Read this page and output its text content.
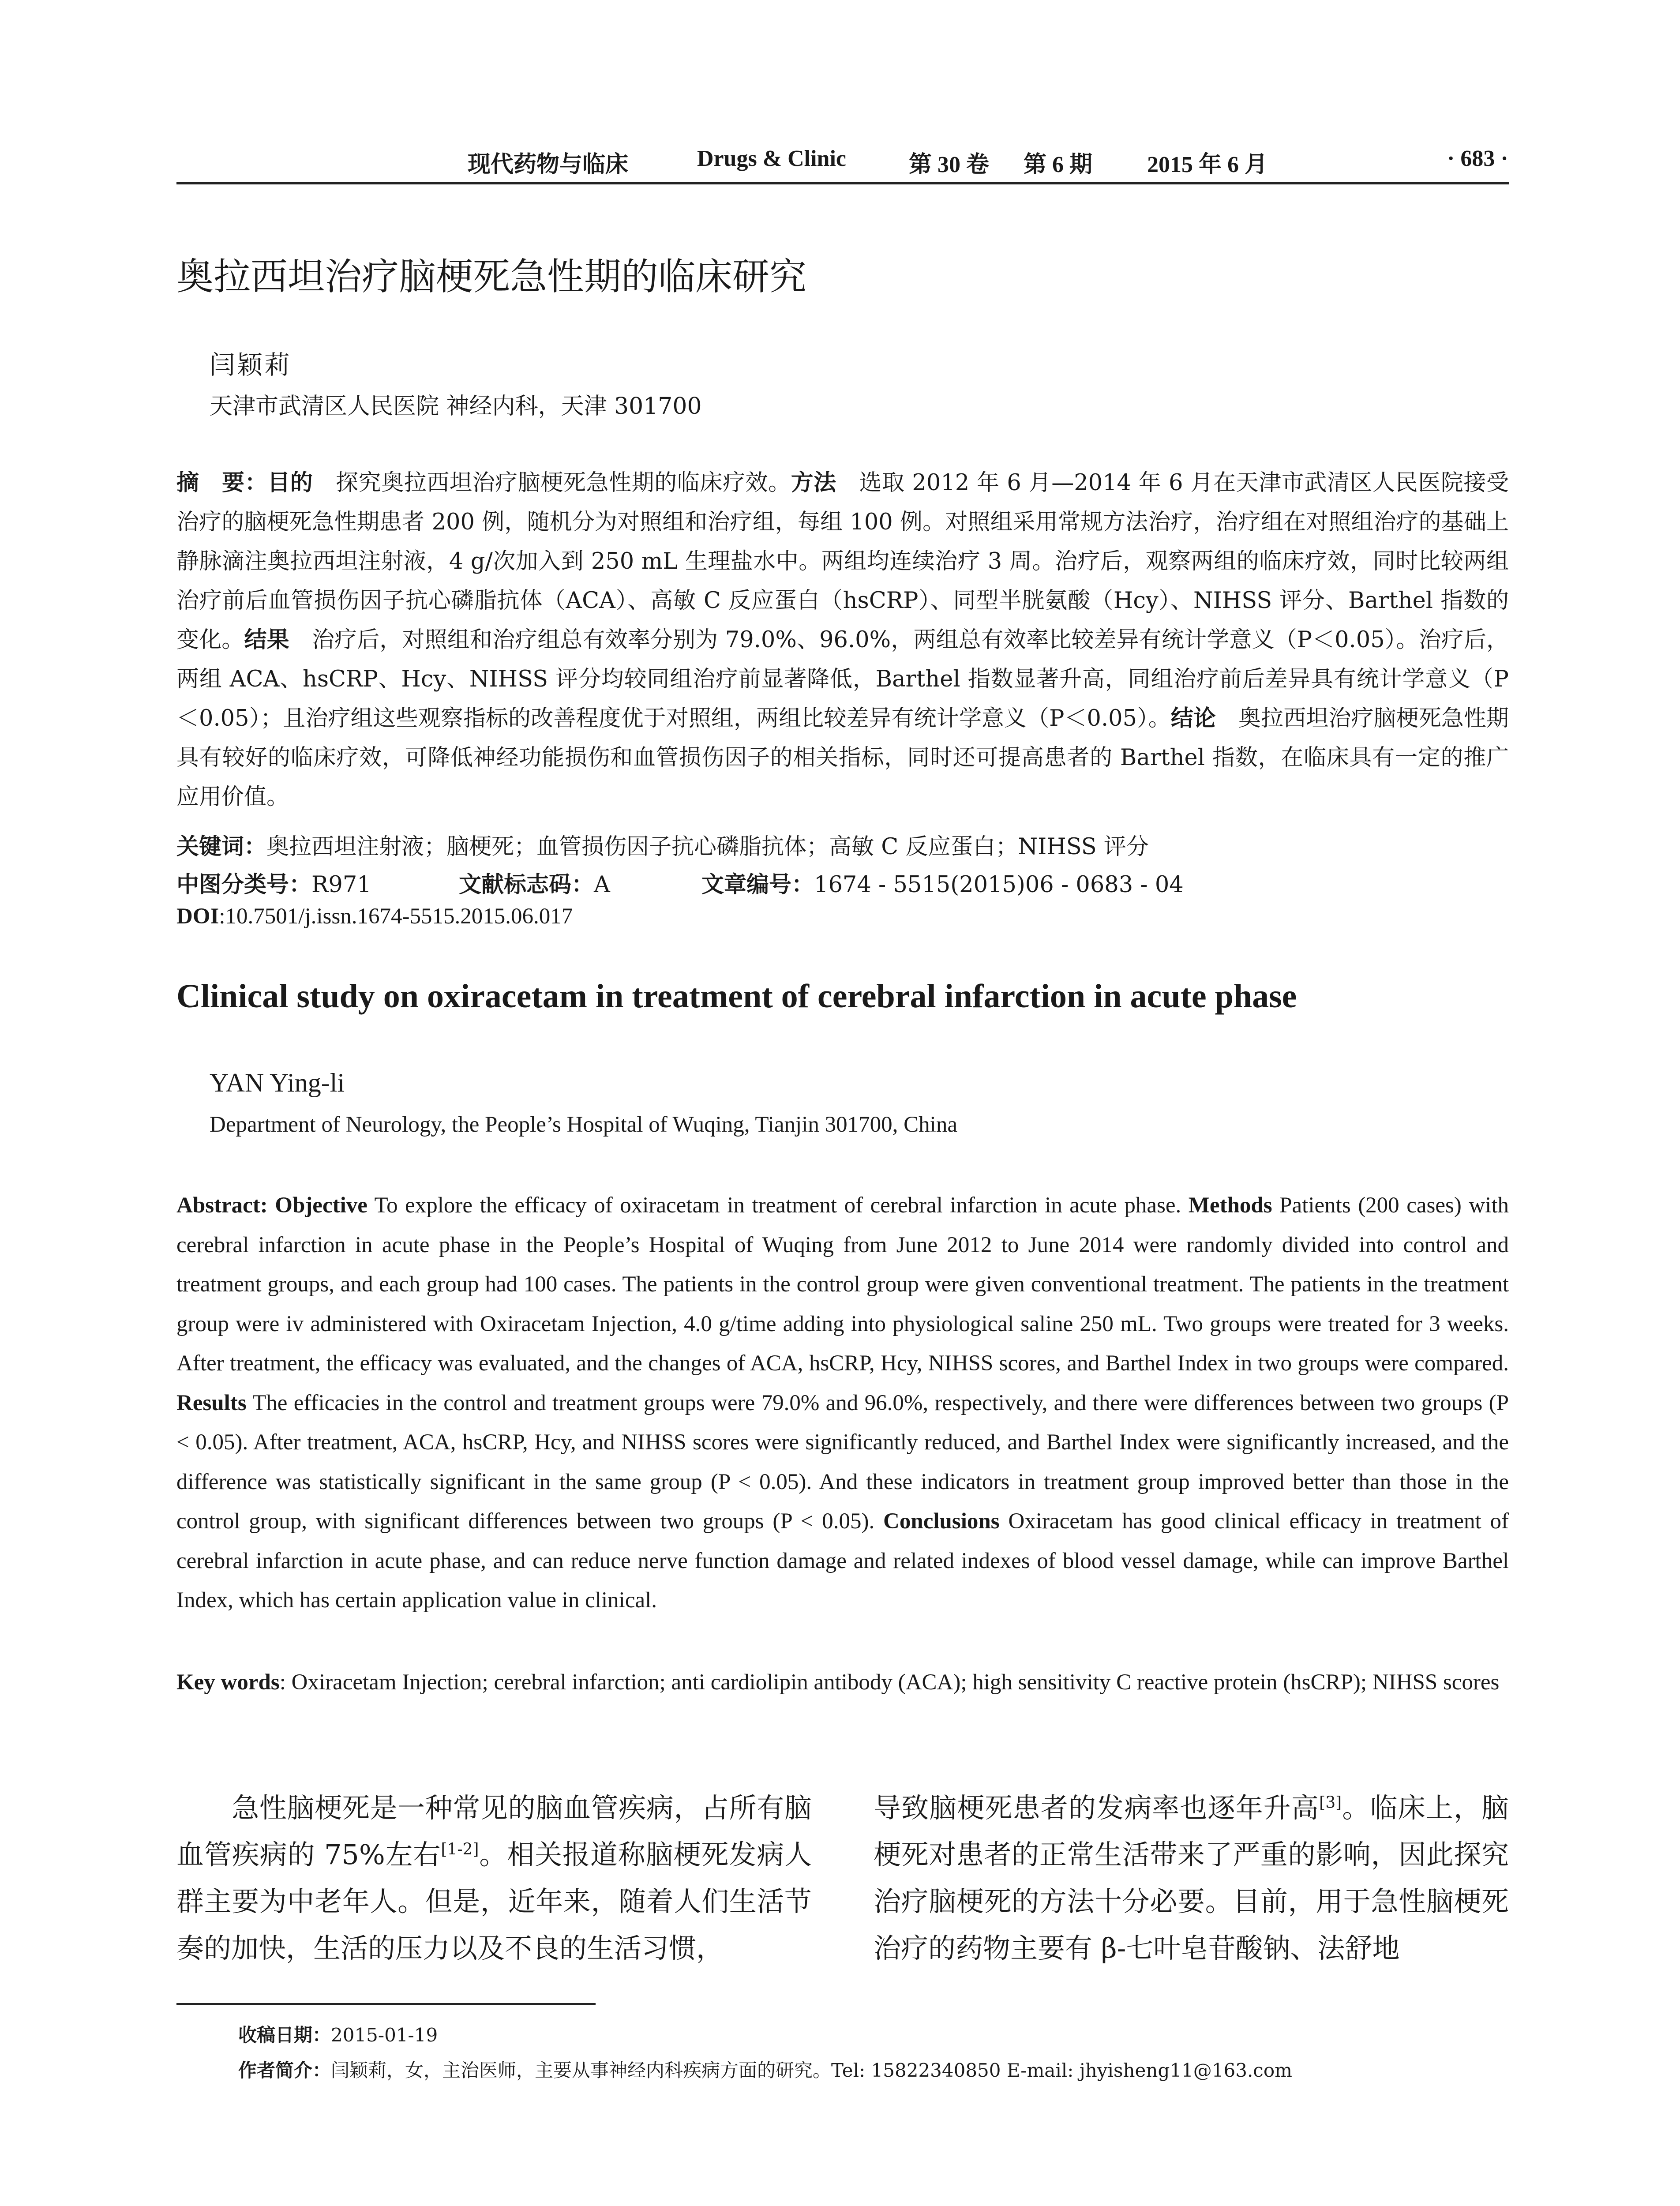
现代药物与临床	Drugs & Clinic	第 30 卷 第 6 期 2015 年 6 月	· 683 ·
奥拉西坦治疗脑梗死急性期的临床研究
闫颖莉
天津市武清区人民医院 神经内科，天津 301700
摘　要：目的　探究奥拉西坦治疗脑梗死急性期的临床疗效。方法　选取 2012 年 6 月—2014 年 6 月在天津市武清区人民医院接受治疗的脑梗死急性期患者 200 例，随机分为对照组和治疗组，每组 100 例。对照组采用常规方法治疗，治疗组在对照组治疗的基础上静脉滴注奥拉西坦注射液，4 g/次加入到 250 mL 生理盐水中。两组均连续治疗 3 周。治疗后，观察两组的临床疗效，同时比较两组治疗前后血管损伤因子抗心磷脂抗体（ACA）、高敏 C 反应蛋白（hsCRP）、同型半胱氨酸（Hcy）、NIHSS 评分、Barthel 指数的变化。结果　治疗后，对照组和治疗组总有效率分别为 79.0%、96.0%，两组总有效率比较差异有统计学意义（P＜0.05）。治疗后，两组 ACA、hsCRP、Hcy、NIHSS 评分均较同组治疗前显著降低，Barthel 指数显著升高，同组治疗前后差异具有统计学意义（P＜0.05）；且治疗组这些观察指标的改善程度优于对照组，两组比较差异有统计学意义（P＜0.05）。结论　奥拉西坦治疗脑梗死急性期具有较好的临床疗效，可降低神经功能损伤和血管损伤因子的相关指标，同时还可提高患者的 Barthel 指数，在临床具有一定的推广应用价值。
关键词：奥拉西坦注射液；脑梗死；血管损伤因子抗心磷脂抗体；高敏 C 反应蛋白；NIHSS 评分
中图分类号：R971	文献标志码：A	文章编号：1674 - 5515(2015)06 - 0683 - 04
DOI:10.7501/j.issn.1674-5515.2015.06.017
Clinical study on oxiracetam in treatment of cerebral infarction in acute phase
YAN Ying-li
Department of Neurology, the People’s Hospital of Wuqing, Tianjin 301700, China
Abstract: Objective To explore the efficacy of oxiracetam in treatment of cerebral infarction in acute phase. Methods Patients (200 cases) with cerebral infarction in acute phase in the People’s Hospital of Wuqing from June 2012 to June 2014 were randomly divided into control and treatment groups, and each group had 100 cases. The patients in the control group were given conventional treatment. The patients in the treatment group were iv administered with Oxiracetam Injection, 4.0 g/time adding into physiological saline 250 mL. Two groups were treated for 3 weeks. After treatment, the efficacy was evaluated, and the changes of ACA, hsCRP, Hcy, NIHSS scores, and Barthel Index in two groups were compared. Results The efficacies in the control and treatment groups were 79.0% and 96.0%, respectively, and there were differences between two groups (P < 0.05). After treatment, ACA, hsCRP, Hcy, and NIHSS scores were significantly reduced, and Barthel Index were significantly increased, and the difference was statistically significant in the same group (P < 0.05). And these indicators in treatment group improved better than those in the control group, with significant differences between two groups (P < 0.05). Conclusions Oxiracetam has good clinical efficacy in treatment of cerebral infarction in acute phase, and can reduce nerve function damage and related indexes of blood vessel damage, while can improve Barthel Index, which has certain application value in clinical.
Key words: Oxiracetam Injection; cerebral infarction; anti cardiolipin antibody (ACA); high sensitivity C reactive protein (hsCRP); NIHSS scores

　　急性脑梗死是一种常见的脑血管疾病，占所有脑血管疾病的 75%左右[1-2]。相关报道称脑梗死发病人群主要为中老年人。但是，近年来，随着人们生活节奏的加快，生活的压力以及不良的生活习惯，

导致脑梗死患者的发病率也逐年升高[3]。临床上，脑梗死对患者的正常生活带来了严重的影响，因此探究治疗脑梗死的方法十分必要。目前，用于急性脑梗死治疗的药物主要有 β-七叶皂苷酸钠、法舒地

收稿日期：2015-01-19
作者简介：闫颖莉，女，主治医师，主要从事神经内科疾病方面的研究。Tel: 15822340850 E-mail: jhyisheng11@163.com
